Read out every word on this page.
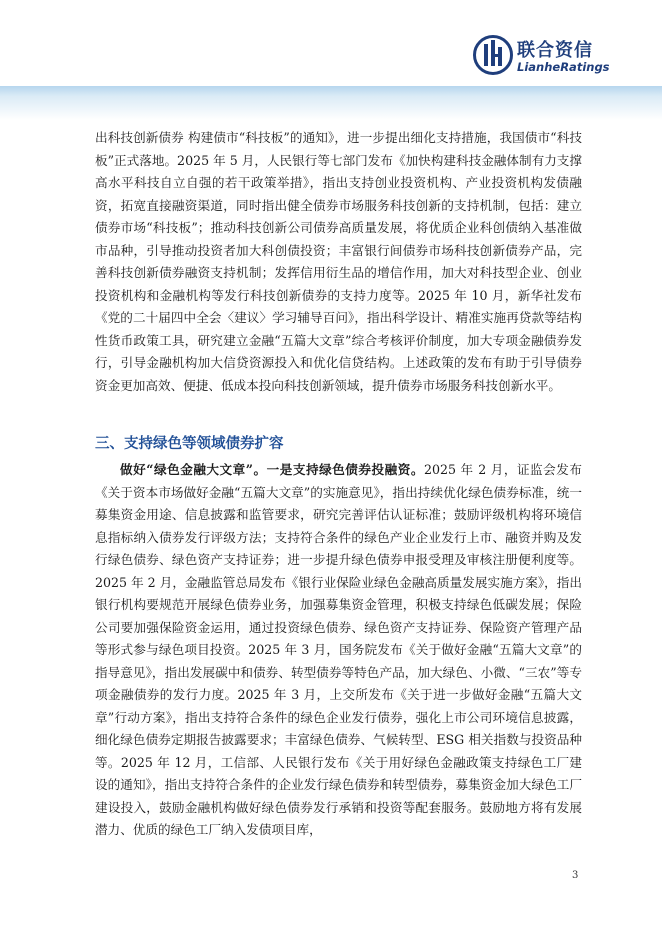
联合资信
LianheRatings

出科技创新债券 构建债市“科技板”的通知》，进一步提出细化支持措施，我国债市“科技板”正式落地。2025 年 5 月，人民银行等七部门发布《加快构建科技金融体制有力支撑高水平科技自立自强的若干政策举措》，指出支持创业投资机构、产业投资机构发债融资，拓宽直接融资渠道，同时指出健全债券市场服务科技创新的支持机制，包括：建立债券市场“科技板”；推动科技创新公司债券高质量发展，将优质企业科创债纳入基准做市品种，引导推动投资者加大科创债投资；丰富银行间债券市场科技创新债券产品，完善科技创新债券融资支持机制；发挥信用衍生品的增信作用，加大对科技型企业、创业投资机构和金融机构等发行科技创新债券的支持力度等。2025 年 10 月，新华社发布《党的二十届四中全会〈建议〉学习辅导百问》，指出科学设计、精准实施再贷款等结构性货币政策工具，研究建立金融“五篇大文章”综合考核评价制度，加大专项金融债券发行，引导金融机构加大信贷资源投入和优化信贷结构。上述政策的发布有助于引导债券资金更加高效、便捷、低成本投向科技创新领域，提升债券市场服务科技创新水平。

三、支持绿色等领域债券扩容

做好“绿色金融大文章”。一是支持绿色债券投融资。2025 年 2 月，证监会发布《关于资本市场做好金融“五篇大文章”的实施意见》，指出持续优化绿色债券标准，统一募集资金用途、信息披露和监管要求，研究完善评估认证标准；鼓励评级机构将环境信息指标纳入债券发行评级方法；支持符合条件的绿色产业企业发行上市、融资并购及发行绿色债券、绿色资产支持证券；进一步提升绿色债券申报受理及审核注册便利度等。2025 年 2 月，金融监管总局发布《银行业保险业绿色金融高质量发展实施方案》，指出银行机构要规范开展绿色债券业务，加强募集资金管理，积极支持绿色低碳发展；保险公司要加强保险资金运用，通过投资绿色债券、绿色资产支持证券、保险资产管理产品等形式参与绿色项目投资。2025 年 3 月，国务院发布《关于做好金融“五篇大文章”的指导意见》，指出发展碳中和债券、转型债券等特色产品，加大绿色、小微、“三农”等专项金融债券的发行力度。2025 年 3 月，上交所发布《关于进一步做好金融“五篇大文章”行动方案》，指出支持符合条件的绿色企业发行债券，强化上市公司环境信息披露，细化绿色债券定期报告披露要求；丰富绿色债券、气候转型、ESG 相关指数与投资品种等。2025 年 12 月，工信部、人民银行发布《关于用好绿色金融政策支持绿色工厂建设的通知》，指出支持符合条件的企业发行绿色债券和转型债券，募集资金加大绿色工厂建设投入，鼓励金融机构做好绿色债券发行承销和投资等配套服务。鼓励地方将有发展潜力、优质的绿色工厂纳入发债项目库，

3
